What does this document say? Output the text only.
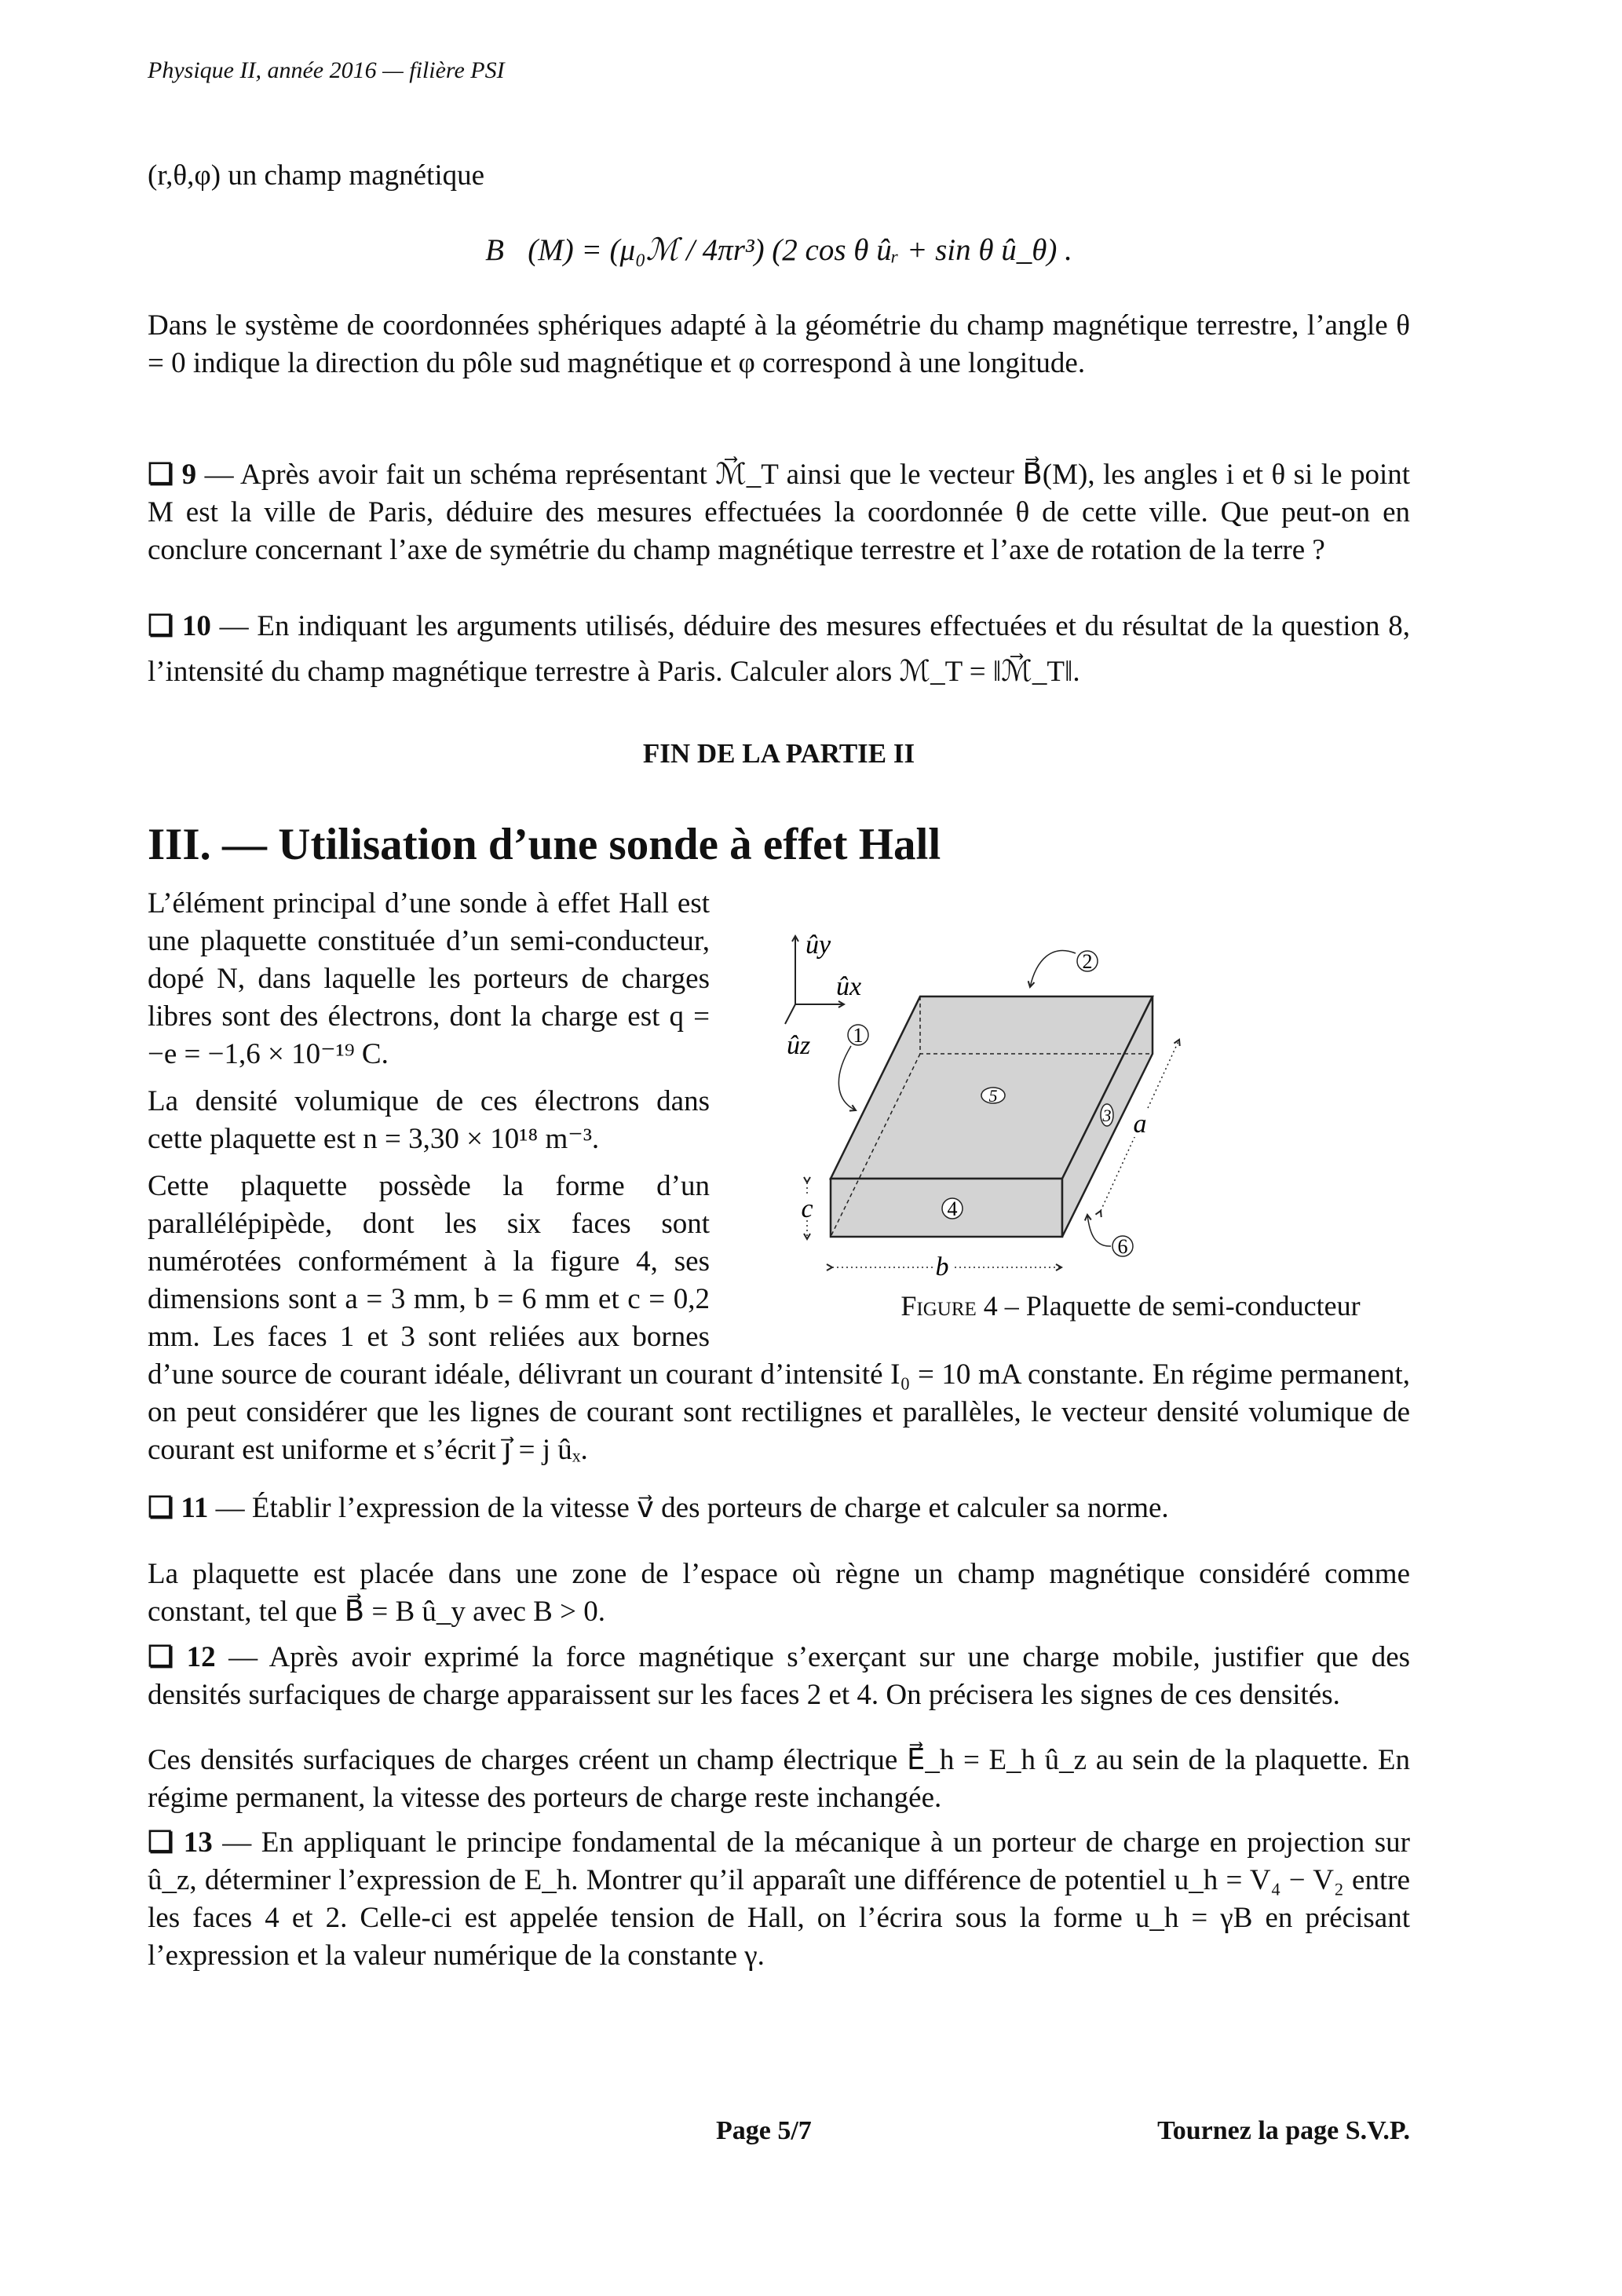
Physique II, année 2016 — filière PSI
(r,θ,φ) un champ magnétique
B⃗(M) = (μ₀ℳ / 4πr³) (2 cos θ ûᵣ + sin θ û_θ) .
Dans le système de coordonnées sphériques adapté à la géométrie du champ magnétique terrestre, l’angle θ = 0 indique la direction du pôle sud magnétique et φ correspond à une longitude.
❏ 9 — Après avoir fait un schéma représentant ℳ⃗_T ainsi que le vecteur B⃗(M), les angles i et θ si le point M est la ville de Paris, déduire des mesures effectuées la coordonnée θ de cette ville. Que peut-on en conclure concernant l’axe de symétrie du champ magnétique terrestre et l’axe de rotation de la terre ?
❏ 10 — En indiquant les arguments utilisés, déduire des mesures effectuées et du résultat de la question 8, l’intensité du champ magnétique terrestre à Paris. Calculer alors ℳ_T = ‖ℳ⃗_T‖.
FIN DE LA PARTIE II
III. — Utilisation d’une sonde à effet Hall
ûy
ûx
ûz 1
2
3
4
5
6
a
b
c
Figure 4 – Plaquette de semi-conducteur
L’élément principal d’une sonde à effet Hall est une plaquette constituée d’un semi-conducteur, dopé N, dans laquelle les porteurs de charges libres sont des électrons, dont la charge est q = −e = −1,6 × 10⁻¹⁹ C.
La densité volumique de ces électrons dans cette plaquette est n = 3,30 × 10¹⁸ m⁻³.

Cette plaquette possède la forme d’un parallélépipède, dont les six faces sont numérotées conformément à la figure 4, ses dimensions sont a = 3 mm, b = 6 mm et c = 0,2 mm. Les faces 1 et 3 sont reliées aux bornes d’une source de courant idéale, délivrant un courant d’intensité I₀ = 10 mA constante. En régime permanent, on peut considérer que les lignes de courant sont rectilignes et parallèles, le vecteur densité volumique de courant est uniforme et s’écrit j⃗ = j ûₓ.

❏ 11 — Établir l’expression de la vitesse v⃗ des porteurs de charge et calculer sa norme.
La plaquette est placée dans une zone de l’espace où règne un champ magnétique considéré comme constant, tel que B⃗ = B û_y avec B > 0.
❏ 12 — Après avoir exprimé la force magnétique s’exerçant sur une charge mobile, justifier que des densités surfaciques de charge apparaissent sur les faces 2 et 4. On précisera les signes de ces densités.
Ces densités surfaciques de charges créent un champ électrique E⃗_h = E_h û_z au sein de la plaquette. En régime permanent, la vitesse des porteurs de charge reste inchangée.
❏ 13 — En appliquant le principe fondamental de la mécanique à un porteur de charge en projection sur û_z, déterminer l’expression de E_h. Montrer qu’il apparaît une différence de potentiel u_h = V₄ − V₂ entre les faces 4 et 2. Celle-ci est appelée tension de Hall, on l’écrira sous la forme u_h = γB en précisant l’expression et la valeur numérique de la constante γ.
Page 5/7	Tournez la page S.V.P.
